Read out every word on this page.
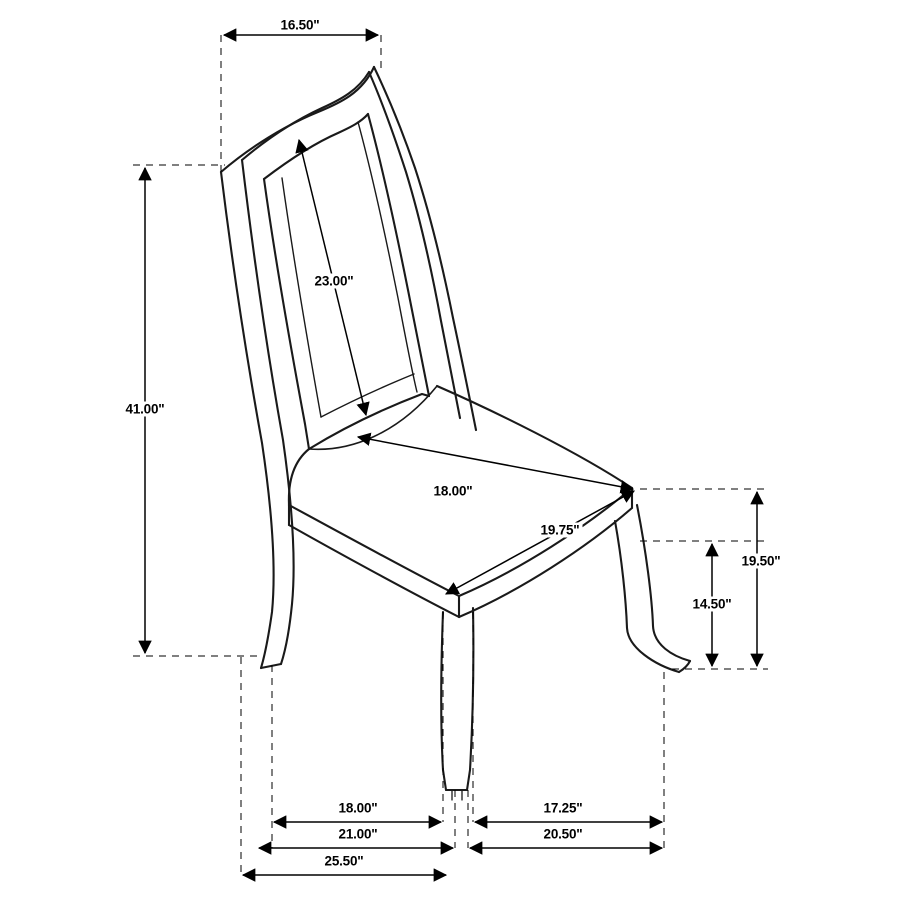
16.50"
23.00"
41.00"
18.00"
19.75"
19.50"
14.50"
18.00"	17.25"
21.00"	20.50"
25.50"
